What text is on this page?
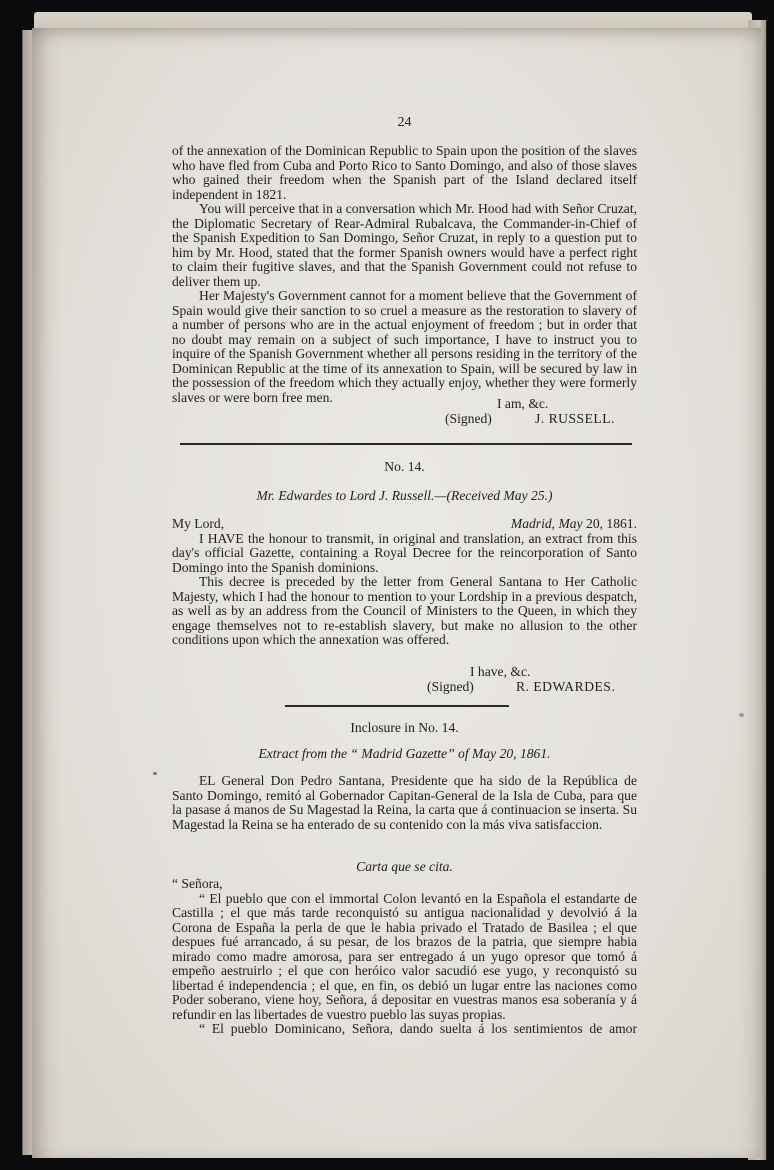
24

of the annexation of the Dominican Republic to Spain upon the position of the slaves who have fled from Cuba and Porto Rico to Santo Domingo, and also of those slaves who gained their freedom when the Spanish part of the Island declared itself independent in 1821.

You will perceive that in a conversation which Mr. Hood had with Señor Cruzat, the Diplomatic Secretary of Rear-Admiral Rubalcava, the Commander-in-Chief of the Spanish Expedition to San Domingo, Señor Cruzat, in reply to a question put to him by Mr. Hood, stated that the former Spanish owners would have a perfect right to claim their fugitive slaves, and that the Spanish Government could not refuse to deliver them up.

Her Majesty's Government cannot for a moment believe that the Government of Spain would give their sanction to so cruel a measure as the restoration to slavery of a number of persons who are in the actual enjoyment of freedom ; but in order that no doubt may remain on a subject of such importance, I have to instruct you to inquire of the Spanish Government whether all persons residing in the territory of the Dominican Republic at the time of its annexation to Spain, will be secured by law in the possession of the freedom which they actually enjoy, whether they were formerly slaves or were born free men.	I am, &c.
(Signed)	J. RUSSELL.
No. 14.
Mr. Edwardes to Lord J. Russell.—(Received May 25.)
My Lord,	Madrid, May 20, 1861.

I HAVE the honour to transmit, in original and translation, an extract from this day's official Gazette, containing a Royal Decree for the reincorporation of Santo Domingo into the Spanish dominions.

This decree is preceded by the letter from General Santana to Her Catholic Majesty, which I had the honour to mention to your Lordship in a previous despatch, as well as by an address from the Council of Ministers to the Queen, in which they engage themselves not to re-establish slavery, but make no allusion to the other conditions upon which the annexation was offered.

I have, &c.
(Signed)	R. EDWARDES.
Inclosure in No. 14.
Extract from the “ Madrid Gazette” of May 20, 1861.

EL General Don Pedro Santana, Presidente que ha sido de la República de Santo Domingo, remitó al Gobernador Capitan-General de la Isla de Cuba, para que la pasase á manos de Su Magestad la Reina, la carta que á continuacion se inserta. Su Magestad la Reina se ha enterado de su contenido con la más viva satisfaccion.

Carta que se cita.

“ Señora,

“ El pueblo que con el immortal Colon levantó en la Española el estandarte de Castilla ; el que más tarde reconquistó su antigua nacionalidad y devolvió á la Corona de España la perla de que le habia privado el Tratado de Basilea ; el que despues fué arrancado, á su pesar, de los brazos de la patria, que siempre habia mirado como madre amorosa, para ser entregado á un yugo opresor que tomó á empeño aestruirlo ; el que con heróico valor sacudió ese yugo, y reconquistó su libertad é independencia ; el que, en fin, os debió un lugar entre las naciones como Poder soberano, viene hoy, Señora, á depositar en vuestras manos esa soberanía y á refundir en las libertades de vuestro pueblo las suyas propias.

“ El pueblo Dominicano, Señora, dando suelta á los sentimientos de amor
